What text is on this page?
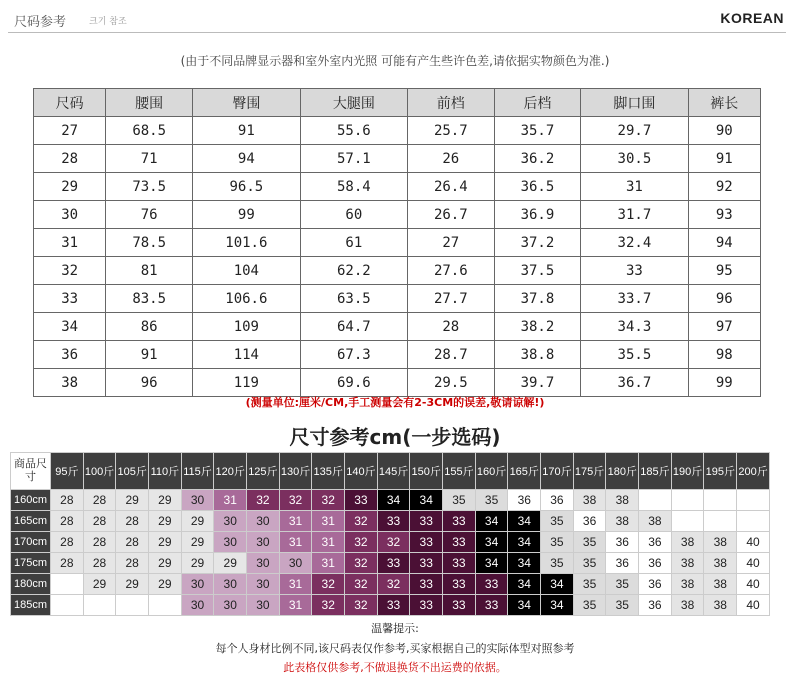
尺码参考	크기 참조	KOREAN
(由于不同品牌显示器和室外室内光照 可能有产生些许色差,请依据实物颜色为准.)
尺码	腰围	臀围	大腿围	前档	后档	脚口围	裤长
27	68.5	91	55.6	25.7	35.7	29.7	90
28	71	94	57.1	26	36.2	30.5	91
29	73.5	96.5	58.4	26.4	36.5	31	92
30	76	99	60	26.7	36.9	31.7	93
31	78.5	101.6	61	27	37.2	32.4	94
32	81	104	62.2	27.6	37.5	33	95
33	83.5	106.6	63.5	27.7	37.8	33.7	96
34	86	109	64.7	28	38.2	34.3	97
36	91	114	67.3	28.7	38.8	35.5	98
38	96	119	69.6	29.5	39.7	36.7	99
(测量单位:厘米/CM,手工测量会有2-3CM的误差,敬请谅解!)
尺寸参考cm(一步选码)
商品尺寸	95斤	100斤	105斤	110斤	115斤	120斤	125斤	130斤	135斤	140斤	145斤	150斤	155斤	160斤	165斤	170斤	175斤	180斤	185斤	190斤	195斤	200斤
160cm	28	28	29	29	30	31	32	32	32	33	34	34	35	35	36	36	38	38				
165cm	28	28	28	29	29	30	30	31	31	32	33	33	33	34	34	35	36	38	38			
170cm	28	28	28	29	29	30	30	31	31	32	32	33	33	34	34	35	35	36	36	38	38	40
175cm	28	28	28	29	29	29	30	30	31	32	33	33	33	34	34	35	35	36	36	38	38	40
180cm		29	29	29	30	30	30	31	32	32	32	33	33	33	34	34	35	35	36	38	38	40
185cm					30	30	30	31	32	32	33	33	33	33	34	34	35	35	36	38	38	40
温馨提示:
每个人身材比例不同,该尺码表仅作参考,买家根据自己的实际体型对照参考
此表格仅供参考,不做退换货不出运费的依据。
